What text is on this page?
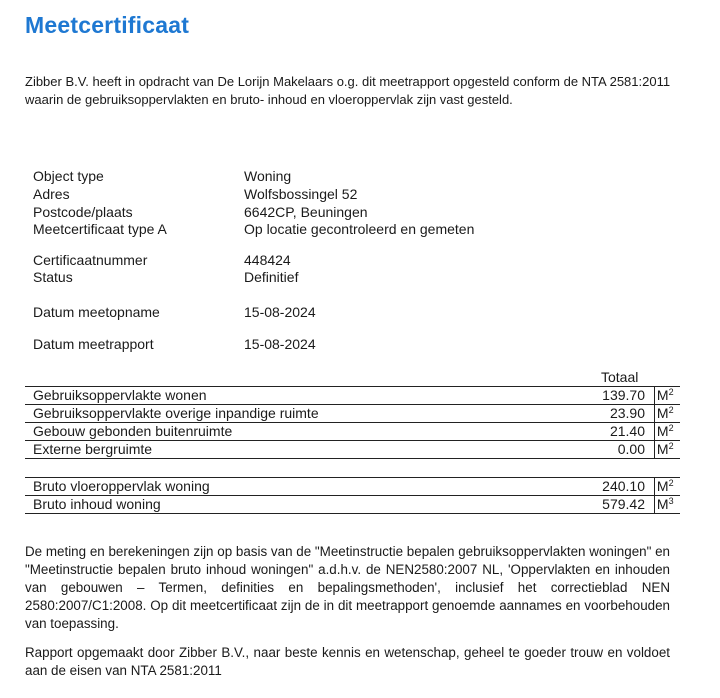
Meetcertificaat

Zibber B.V. heeft in opdracht van De Lorijn Makelaars o.g. dit meetrapport opgesteld conform de NTA 2581:2011 waarin de gebruiksoppervlakten en bruto- inhoud en vloeroppervlak zijn vast gesteld.

Object type	Woning
Adres	Wolfsbossingel 52
Postcode/plaats	6642CP, Beuningen
Meetcertificaat type A	Op locatie gecontroleerd en gemeten
Certificaatnummer	448424
Status	Definitief
Datum meetopname	15-08-2024
Datum meetrapport	15-08-2024
Totaal
Gebruiksoppervlakte wonen	139.70 $M^2$
Gebruiksoppervlakte overige inpandige ruimte	23.90 $M^2$
Gebouw gebonden buitenruimte	21.40 $M^2$
Externe bergruimte	0.00 $M^2$
Bruto vloeroppervlak woning	240.10 $M^2$
Bruto inhoud woning	579.42 $M^3$

De meting en berekeningen zijn op basis van de "Meetinstructie bepalen gebruiksoppervlakten woningen" en "Meetinstructie bepalen bruto inhoud woningen" a.d.h.v. de NEN2580:2007 NL, 'Oppervlakten en inhouden van gebouwen – Termen, definities en bepalingsmethoden', inclusief het correctieblad NEN 2580:2007/C1:2008. Op dit meetcertificaat zijn de in dit meetrapport genoemde aannames en voorbehouden van toepassing.

Rapport opgemaakt door Zibber B.V., naar beste kennis en wetenschap, geheel te goeder trouw en voldoet aan de eisen van NTA 2581:2011
